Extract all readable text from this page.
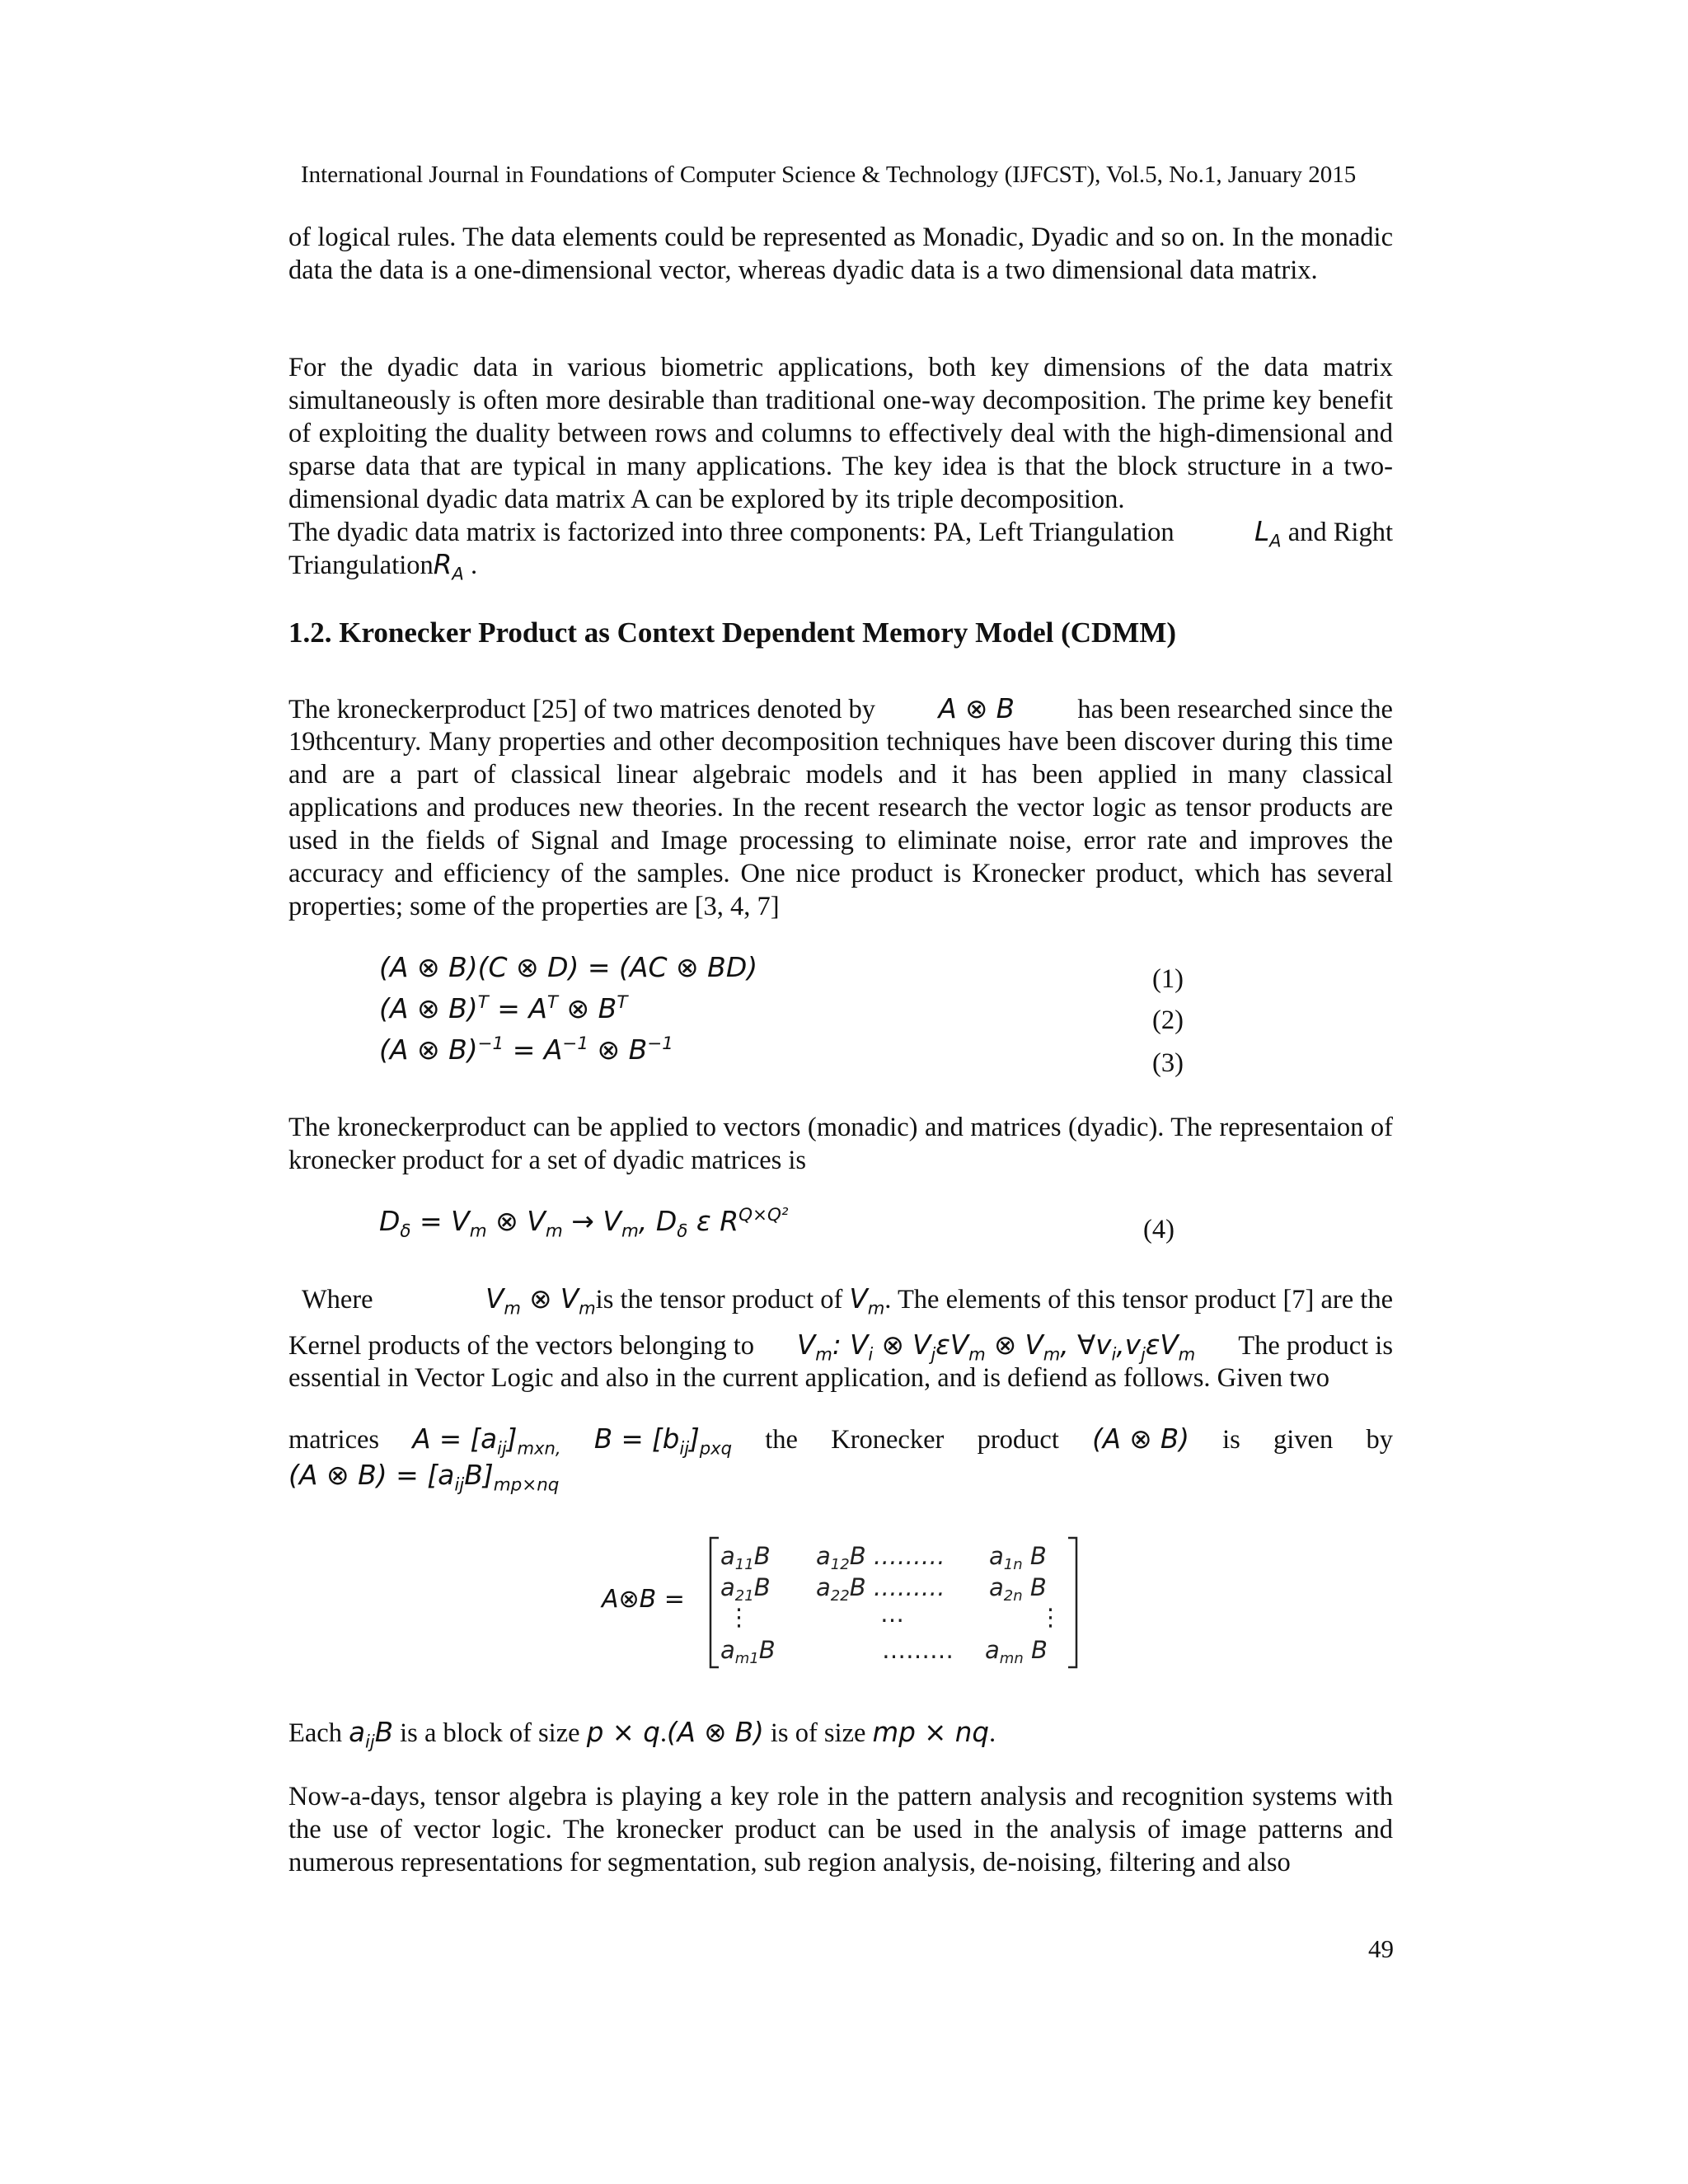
International Journal in Foundations of Computer Science & Technology (IJFCST), Vol.5, No.1, January 2015

of logical rules. The data elements could be represented as Monadic, Dyadic and so on. In the monadic data the data is a one-dimensional vector, whereas dyadic data is a two dimensional data matrix.

For the dyadic data in various biometric applications, both key dimensions of the data matrix simultaneously is often more desirable than traditional one-way decomposition. The prime key benefit of exploiting the duality between rows and columns to effectively deal with the high-dimensional and sparse data that are typical in many applications. The key idea is that the block structure in a two-dimensional dyadic data matrix A can be explored by its triple decomposition.

The dyadic data matrix is factorized into three components: PA, Left Triangulation	$L_A$ and Right
TriangulationR$_A$ .
1.2. Kronecker Product as Context Dependent Memory Model (CDMM)
The kroneckerproduct [25] of two matrices denoted by A ⊗ B has been researched since the

19thcentury. Many properties and other decomposition techniques have been discover during this time and are a part of classical linear algebraic models and it has been applied in many classical applications and produces new theories. In the recent research the vector logic as tensor products are used in the fields of Signal and Image processing to eliminate noise, error rate and improves the accuracy and efficiency of the samples. One nice product is Kronecker product, which has several properties; some of the properties are [3, 4, 7]

(A ⊗ B)(C ⊗ D) = (AC ⊗ BD)
(A ⊗ $B)^T = A^T$ ⊗ $B^T$
(A ⊗ $B)^{-1} = A^{-1}$ ⊗ $B^{-1}$
(1)
(2)
(3)

The kroneckerproduct can be applied to vectors (monadic) and matrices (dyadic). The representaion of kronecker product for a set of dyadic matrices is

$D_\delta = V_m$ ⊗ $V_m \to V_m$, $D_\delta$ ε $R^{Q\times Q^2}$	(4)
Where	$V_m$ ⊗ $V_mis$ the tensor product of $V_m$. The elements of this tensor product [7] are the
Kernel products of the vectors belonging to $V_m$: $V_i$ ⊗ $V_j\varepsilon V_m$ ⊗ $V_m$, $\forall v_i,v_j\varepsilon V_m$ The product is
essential in Vector Logic and also in the current application, and is defiend as follows. Given two
matrices $A = [a_{ij}]_{mxn,}$ $B = [b_{ij}]_{pxq}$ the Kronecker product (A ⊗ B) is given by
(A ⊗ $B) = [a_{ij}B]_{mp\times nq}$
A⊗B =
$a_{11}B$ $a_{12}B$ ……… $a_{1n}$ B
$a_{21}B$ $a_{22}B$ ……… $a_{2n}$ B
⋮	…	⋮
$a_{m1}B$	……… $a_{mn}$ B
Each $a_{ij}B$ is a block of size p × q.(A ⊗ B) is of size mp × nq.

Now-a-days, tensor algebra is playing a key role in the pattern analysis and recognition systems with the use of vector logic. The kronecker product can be used in the analysis of image patterns and numerous representations for segmentation, sub region analysis, de-noising, filtering and also

49
